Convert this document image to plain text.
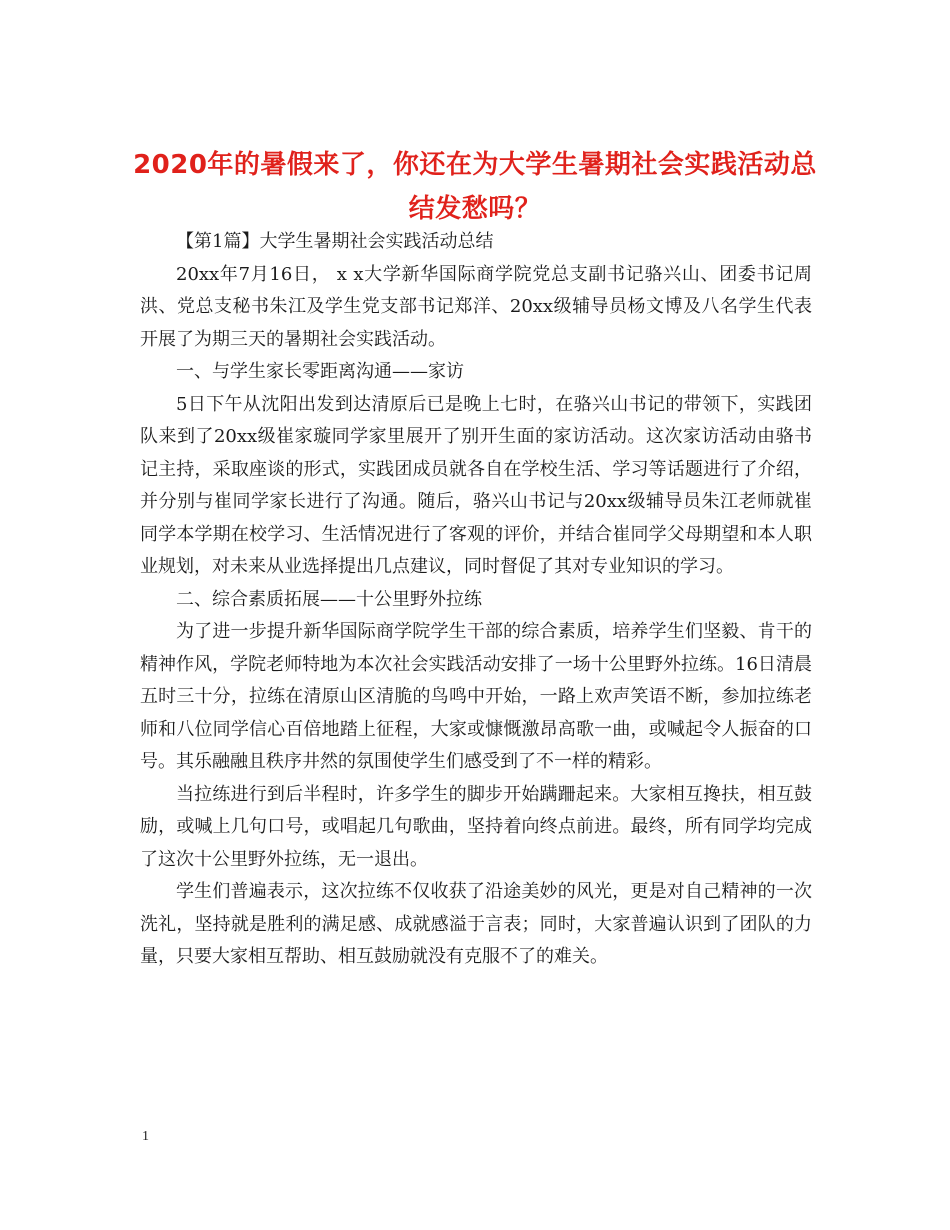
2020年的暑假来了，你还在为大学生暑期社会实践活动总结发愁吗？

【第1篇】大学生暑期社会实践活动总结

20xx年7月16日， x x大学新华国际商学院党总支副书记骆兴山、团委书记周洪、党总支秘书朱江及学生党支部书记郑洋、20xx级辅导员杨文博及八名学生代表开展了为期三天的暑期社会实践活动。

一、与学生家长零距离沟通——家访

5日下午从沈阳出发到达清原后已是晚上七时，在骆兴山书记的带领下，实践团队来到了20xx级崔家璇同学家里展开了别开生面的家访活动。这次家访活动由骆书记主持，采取座谈的形式，实践团成员就各自在学校生活、学习等话题进行了介绍，并分别与崔同学家长进行了沟通。随后，骆兴山书记与20xx级辅导员朱江老师就崔同学本学期在校学习、生活情况进行了客观的评价，并结合崔同学父母期望和本人职业规划，对未来从业选择提出几点建议，同时督促了其对专业知识的学习。

二、综合素质拓展——十公里野外拉练

为了进一步提升新华国际商学院学生干部的综合素质，培养学生们坚毅、肯干的精神作风，学院老师特地为本次社会实践活动安排了一场十公里野外拉练。16日清晨五时三十分，拉练在清原山区清脆的鸟鸣中开始，一路上欢声笑语不断，参加拉练老师和八位同学信心百倍地踏上征程，大家或慷慨激昂高歌一曲，或喊起令人振奋的口号。其乐融融且秩序井然的氛围使学生们感受到了不一样的精彩。

当拉练进行到后半程时，许多学生的脚步开始蹒跚起来。大家相互搀扶，相互鼓励，或喊上几句口号，或唱起几句歌曲，坚持着向终点前进。最终，所有同学均完成了这次十公里野外拉练，无一退出。

学生们普遍表示，这次拉练不仅收获了沿途美妙的风光，更是对自己精神的一次洗礼，坚持就是胜利的满足感、成就感溢于言表；同时，大家普遍认识到了团队的力量，只要大家相互帮助、相互鼓励就没有克服不了的难关。

1
